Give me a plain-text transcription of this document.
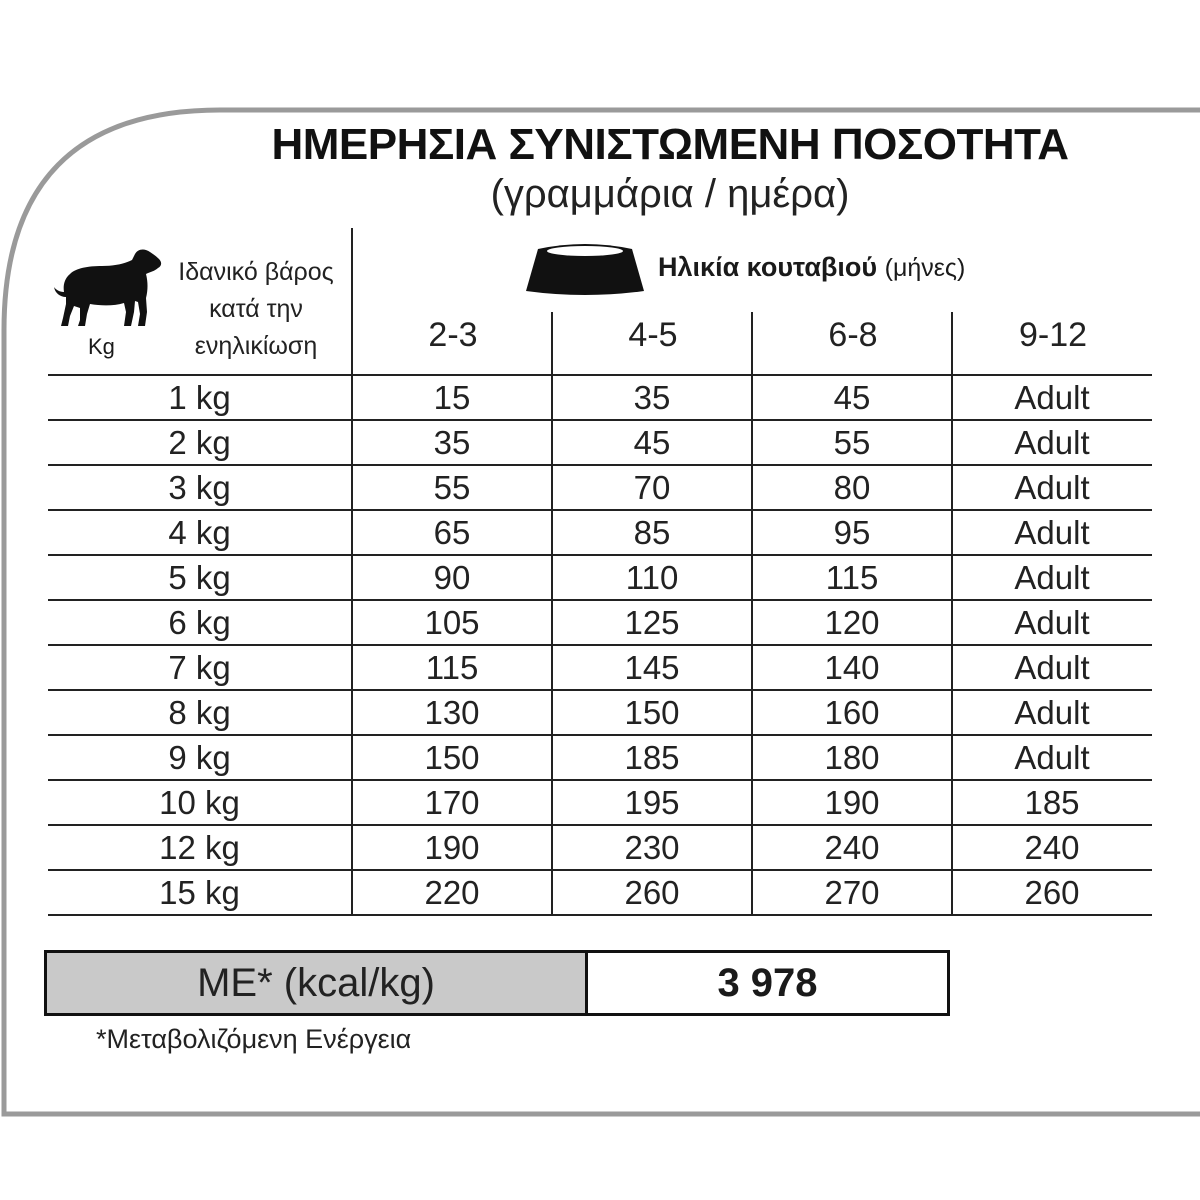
ΗΜΕΡΗΣΙΑ ΣΥΝΙΣΤΩΜΕΝΗ ΠΟΣΟΤΗΤΑ
(γραμμάρια / ημέρα)
Kg
Ιδανικό βάρος
κατά την
ενηλικίωση
Ηλικία κουταβιού (μήνες)
2-3	4-5	6-8	9-12
1 kg	15	35	45	Adult
2 kg	35	45	55	Adult
3 kg	55	70	80	Adult
4 kg	65	85	95	Adult
5 kg	90	110	115	Adult
6 kg	105	125	120	Adult
7 kg	115	145	140	Adult
8 kg	130	150	160	Adult
9 kg	150	185	180	Adult
10 kg	170	195	190	185
12 kg	190	230	240	240
15 kg	220	260	270	260
ME* (kcal/kg)	3 978
*Μεταβολιζόμενη Ενέργεια
